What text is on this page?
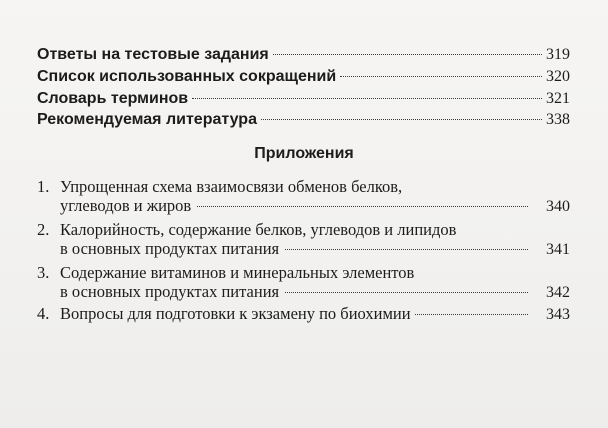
Ответы на тестовые задания	319
Список использованных сокращений	320
Словарь терминов	321
Рекомендуемая литература	338
Приложения
1. Упрощенная схема взаимосвязи обменов белков,
углеводов и жиров	340
2. Калорийность, содержание белков, углеводов и липидов
в основных продуктах питания	341
3. Содержание витаминов и минеральных элементов
в основных продуктах питания	342
4. Вопросы для подготовки к экзамену по биохимии	343
